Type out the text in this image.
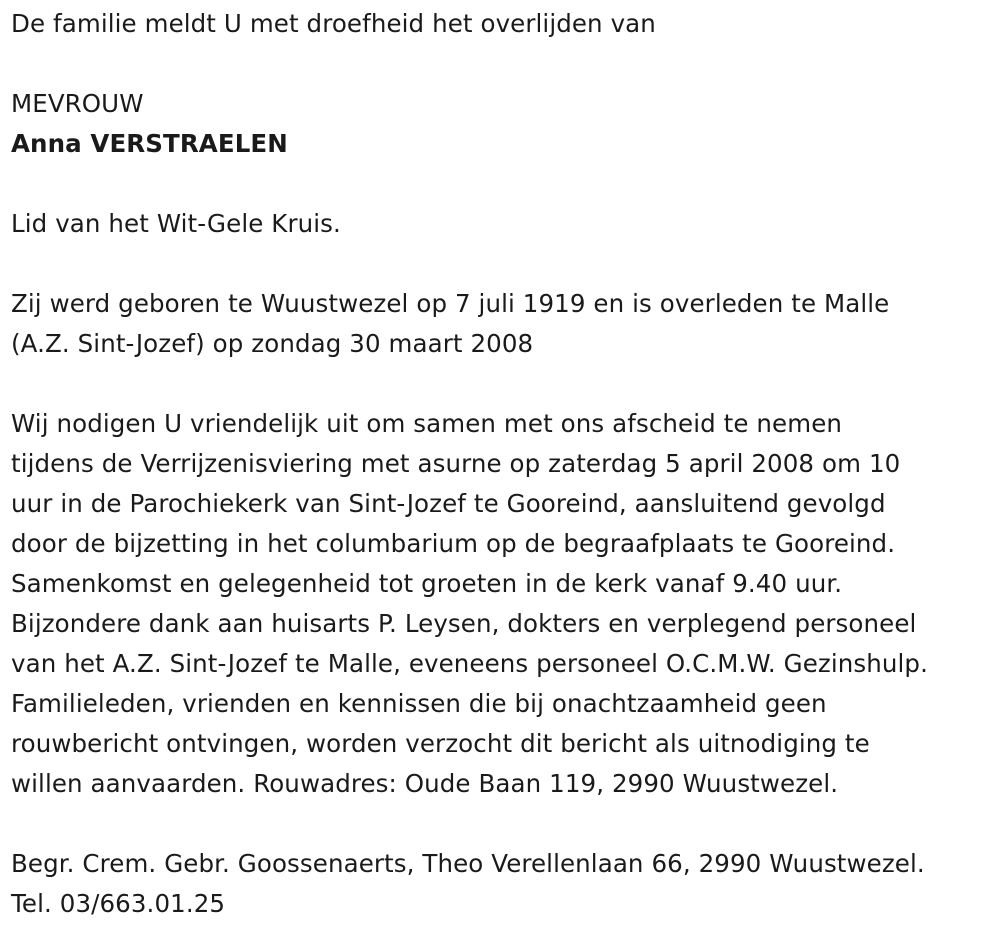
De familie meldt U met droefheid het overlijden van
MEVROUW
Anna VERSTRAELEN
Lid van het Wit-Gele Kruis.
Zij werd geboren te Wuustwezel op 7 juli 1919 en is overleden te Malle
(A.Z. Sint-Jozef) op zondag 30 maart 2008
Wij nodigen U vriendelijk uit om samen met ons afscheid te nemen
tijdens de Verrijzenisviering met asurne op zaterdag 5 april 2008 om 10
uur in de Parochiekerk van Sint-Jozef te Gooreind, aansluitend gevolgd
door de bijzetting in het columbarium op de begraafplaats te Gooreind.
Samenkomst en gelegenheid tot groeten in de kerk vanaf 9.40 uur.
Bijzondere dank aan huisarts P. Leysen, dokters en verplegend personeel
van het A.Z. Sint-Jozef te Malle, eveneens personeel O.C.M.W. Gezinshulp.
Familieleden, vrienden en kennissen die bij onachtzaamheid geen
rouwbericht ontvingen, worden verzocht dit bericht als uitnodiging te
willen aanvaarden. Rouwadres: Oude Baan 119, 2990 Wuustwezel.
Begr. Crem. Gebr. Goossenaerts, Theo Verellenlaan 66, 2990 Wuustwezel.
Tel. 03/663.01.25
